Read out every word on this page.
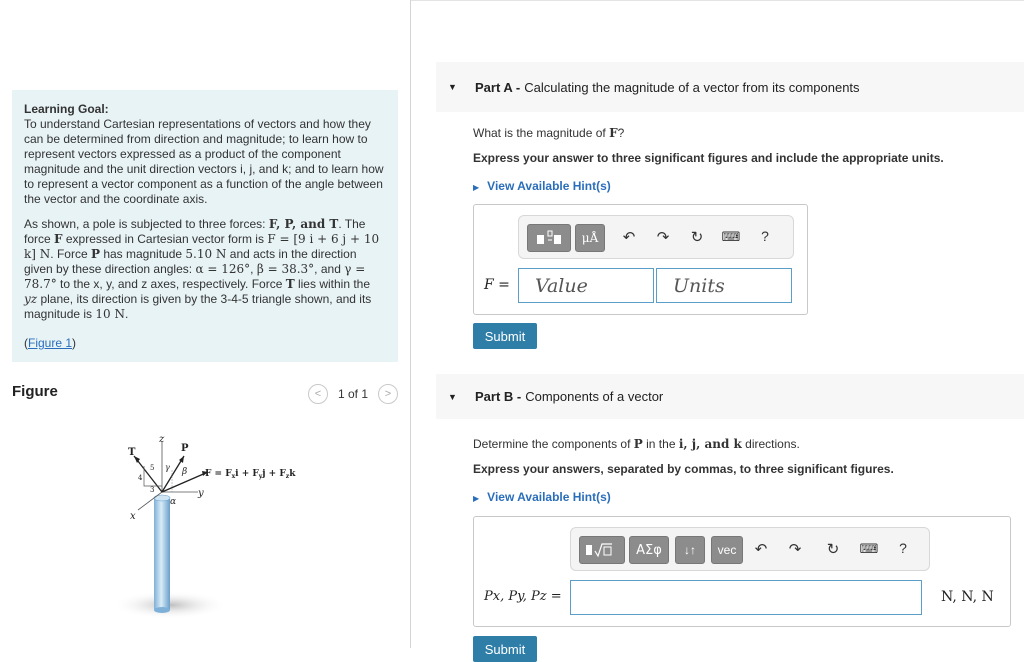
Learning Goal:

To understand Cartesian representations of vectors and how they can be determined from direction and magnitude; to learn how to represent vectors expressed as a product of the component magnitude and the unit direction vectors i, j, and k; and to learn how to represent a vector component as a function of the angle between the vector and the coordinate axis.

As shown, a pole is subjected to three forces: F, P, and T. The force F expressed in Cartesian vector form is F = [9 i + 6 j + 10 k] N. Force P has magnitude 5.10 N and acts in the direction given by these direction angles: α = 126°, β = 38.3°, and γ = 78.7° to the x, y, and z axes, respectively. Force T lies within the yz plane, its direction is given by the 3-4-5 triangle shown, and its magnitude is 10 N.

(Figure 1)
Figure	<	1 of 1	>
T
z
P
y
x
γ β
α
4
3
5
$F = F_xi + F_yj + F_zk$
▼ Part A - Calculating the magnitude of a vector from its components
What is the magnitude of F?
Express your answer to three significant figures and include the appropriate units.
▶ View Available Hint(s)
μÅ	↶ ↷ ↻ ⌨	?
F =	Value	Units
Submit
▼ Part B - Components of a vector
Determine the components of P in the i, j, and k directions.
Express your answers, separated by commas, to three significant figures.
▶ View Available Hint(s)
ΑΣφ	↓↑	vec	↶ ↷ ↻ ⌨	?
Px, Py, Pz =	N, N, N
Submit
